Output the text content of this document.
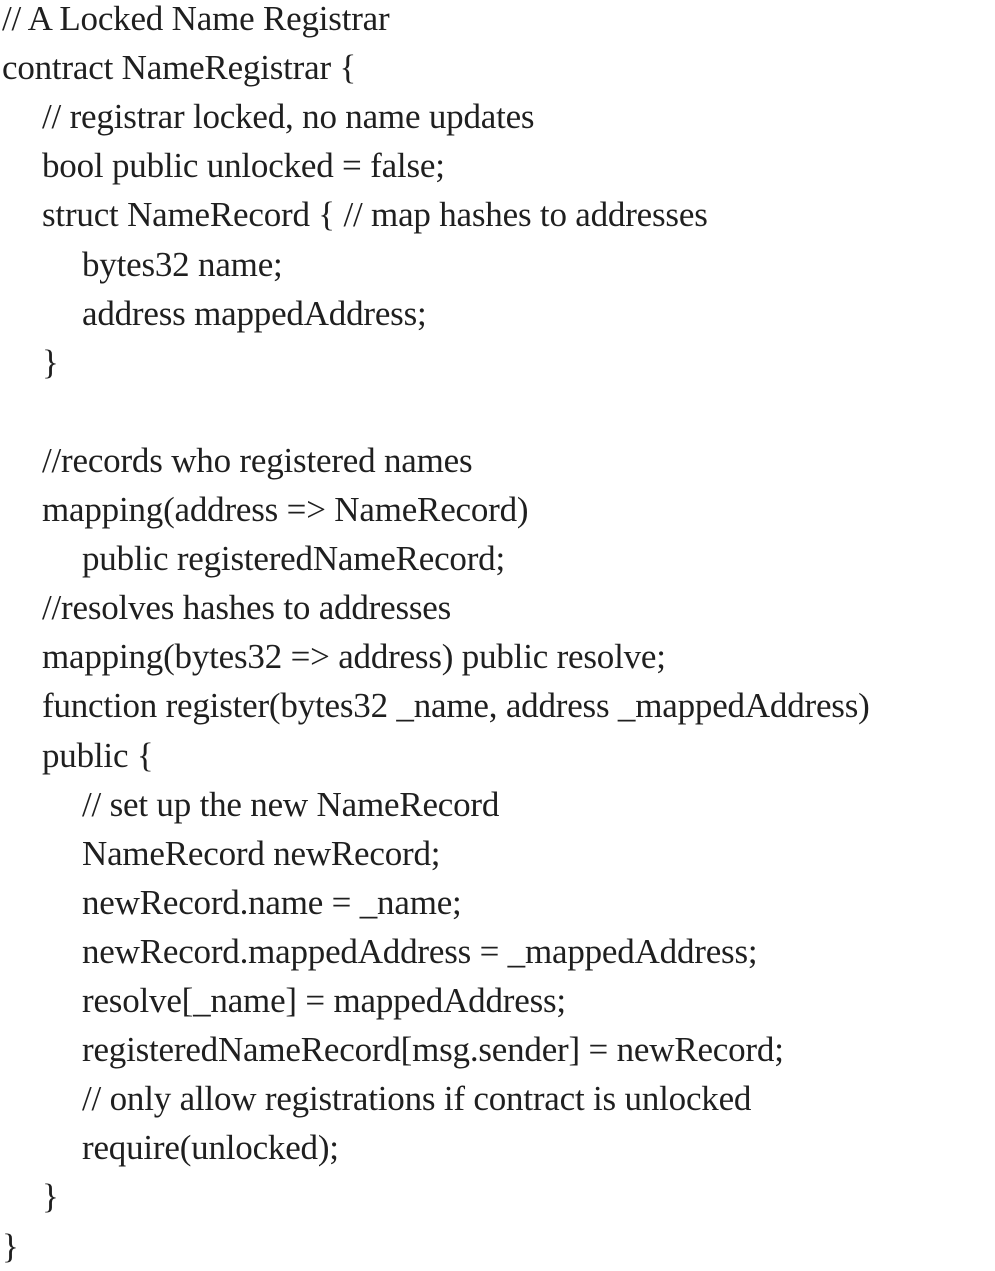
// A Locked Name Registrar
contract NameRegistrar {
// registrar locked, no name updates
bool public unlocked = false;
struct NameRecord { // map hashes to addresses
bytes32 name;
address mappedAddress;
}
//records who registered names
mapping(address => NameRecord)
public registeredNameRecord;
//resolves hashes to addresses
mapping(bytes32 => address) public resolve;
function register(bytes32 _name, address _mappedAddress)
public {
// set up the new NameRecord
NameRecord newRecord;
newRecord.name = _name;
newRecord.mappedAddress = _mappedAddress;
resolve[_name] = mappedAddress;
registeredNameRecord[msg.sender] = newRecord;
// only allow registrations if contract is unlocked
require(unlocked);
}
}
